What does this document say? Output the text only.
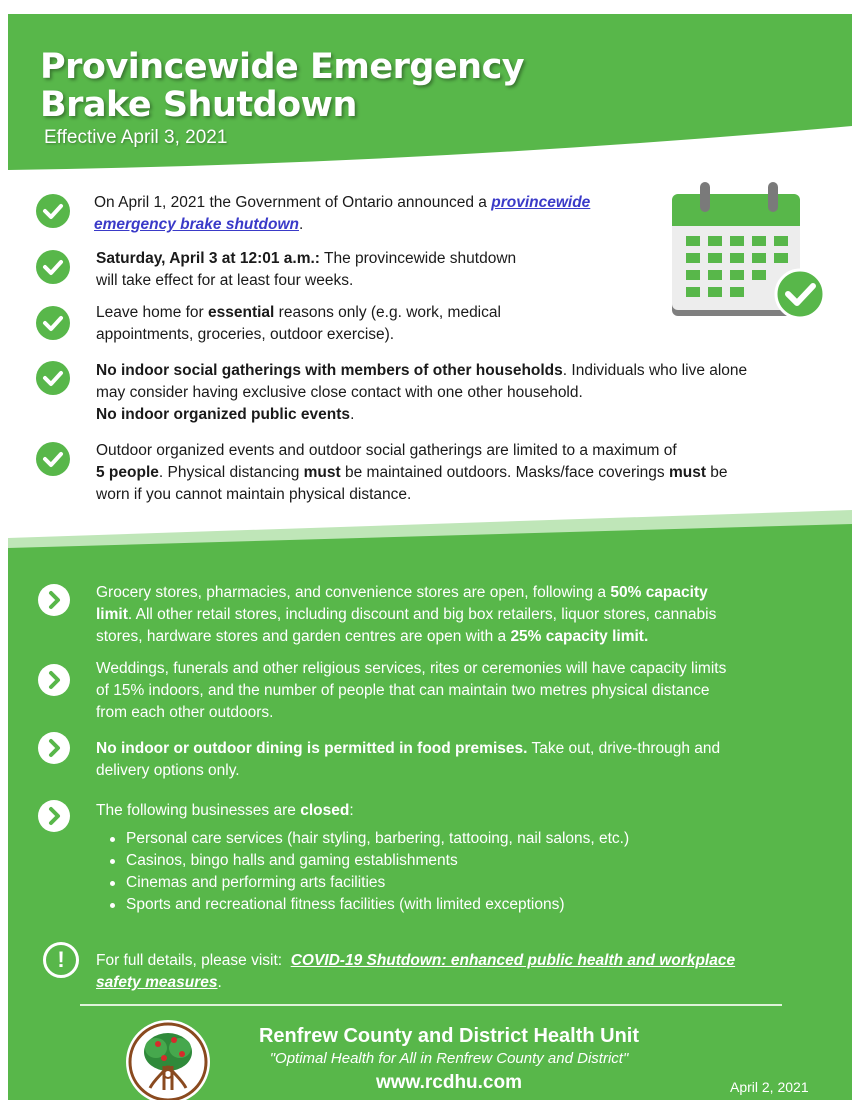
Provincewide Emergency
Brake Shutdown
Effective April 3, 2021
On April 1, 2021 the Government of Ontario announced a provincewide
emergency brake shutdown.
Saturday, April 3 at 12:01 a.m.: The provincewide shutdown
will take effect for at least four weeks.
Leave home for essential reasons only (e.g. work, medical
appointments, groceries, outdoor exercise).
No indoor social gatherings with members of other households. Individuals who live alone
may consider having exclusive close contact with one other household.
No indoor organized public events.
Outdoor organized events and outdoor social gatherings are limited to a maximum of
5 people. Physical distancing must be maintained outdoors. Masks/face coverings must be
worn if you cannot maintain physical distance.
Grocery stores, pharmacies, and convenience stores are open, following a 50% capacity
limit. All other retail stores, including discount and big box retailers, liquor stores, cannabis
stores, hardware stores and garden centres are open with a 25% capacity limit.
Weddings, funerals and other religious services, rites or ceremonies will have capacity limits
of 15% indoors, and the number of people that can maintain two metres physical distance
from each other outdoors.
No indoor or outdoor dining is permitted in food premises. Take out, drive-through and
delivery options only.
The following businesses are closed:
Personal care services (hair styling, barbering, tattooing, nail salons, etc.)
Casinos, bingo halls and gaming establishments
Cinemas and performing arts facilities
Sports and recreational fitness facilities (with limited exceptions)
!	For full details, please visit:  COVID-19 Shutdown: enhanced public health and workplace
safety measures.
Renfrew County and District Health Unit
"Optimal Health for All in Renfrew County and District"
www.rcdhu.com	April 2, 2021
